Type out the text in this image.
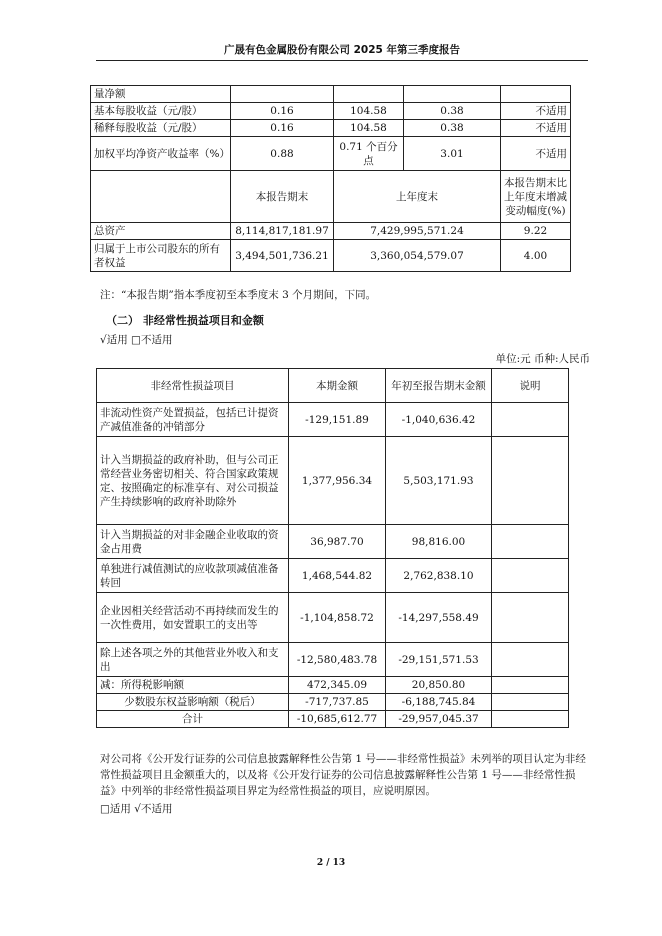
广晟有色金属股份有限公司 2025 年第三季度报告
量净额				
基本每股收益（元/股）	0.16	104.58	0.38	不适用
稀释每股收益（元/股）	0.16	104.58	0.38	不适用
加权平均净资产收益率（%）	0.88	0.71 个百分点	3.01	不适用
	本报告期末	上年度末		本报告期末比上年度末增减变动幅度(%)
总资产	8,114,817,181.97	7,429,995,571.24		9.22
归属于上市公司股东的所有者权益	3,494,501,736.21	3,360,054,579.07		4.00
注：“本报告期”指本季度初至本季度末 3 个月期间，下同。
（二） 非经常性损益项目和金额
√适用 □不适用
单位:元 币种:人民币
非经常性损益项目	本期金额	年初至报告期末金额	说明
非流动性资产处置损益，包括已计提资产减值准备的冲销部分	-129,151.89	-1,040,636.42	
计入当期损益的政府补助，但与公司正常经营业务密切相关、符合国家政策规定、按照确定的标准享有、对公司损益产生持续影响的政府补助除外	1,377,956.34	5,503,171.93	
计入当期损益的对非金融企业收取的资金占用费	36,987.70	98,816.00	
单独进行减值测试的应收款项减值准备转回	1,468,544.82	2,762,838.10	
企业因相关经营活动不再持续而发生的一次性费用，如安置职工的支出等	-1,104,858.72	-14,297,558.49	
除上述各项之外的其他营业外收入和支出	-12,580,483.78	-29,151,571.53	
减：所得税影响额	472,345.09	20,850.80	
少数股东权益影响额（税后）	-717,737.85	-6,188,745.84	
合计	-10,685,612.77	-29,957,045.37	
对公司将《公开发行证券的公司信息披露解释性公告第 1 号——非经常性损益》未列举的项目认定为非经常性损益项目且金额重大的，以及将《公开发行证券的公司信息披露解释性公告第 1 号——非经常性损益》中列举的非经常性损益项目界定为经常性损益的项目，应说明原因。
□适用 √不适用
2 / 13
